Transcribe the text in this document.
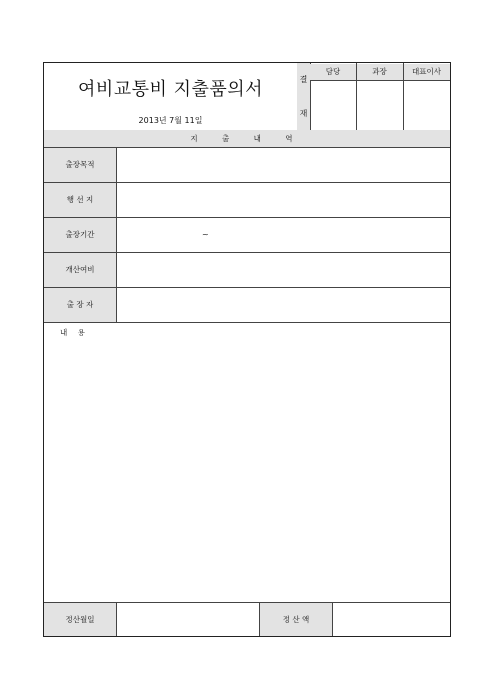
여비교통비 지출품의서
2013년 7월 11일
결
재
담당	과장	대표이사
지 출 내 역
출장목적
행 선 지
출장기간	~
개산여비
출 장 자
내 용
정산월일	정 산 액
